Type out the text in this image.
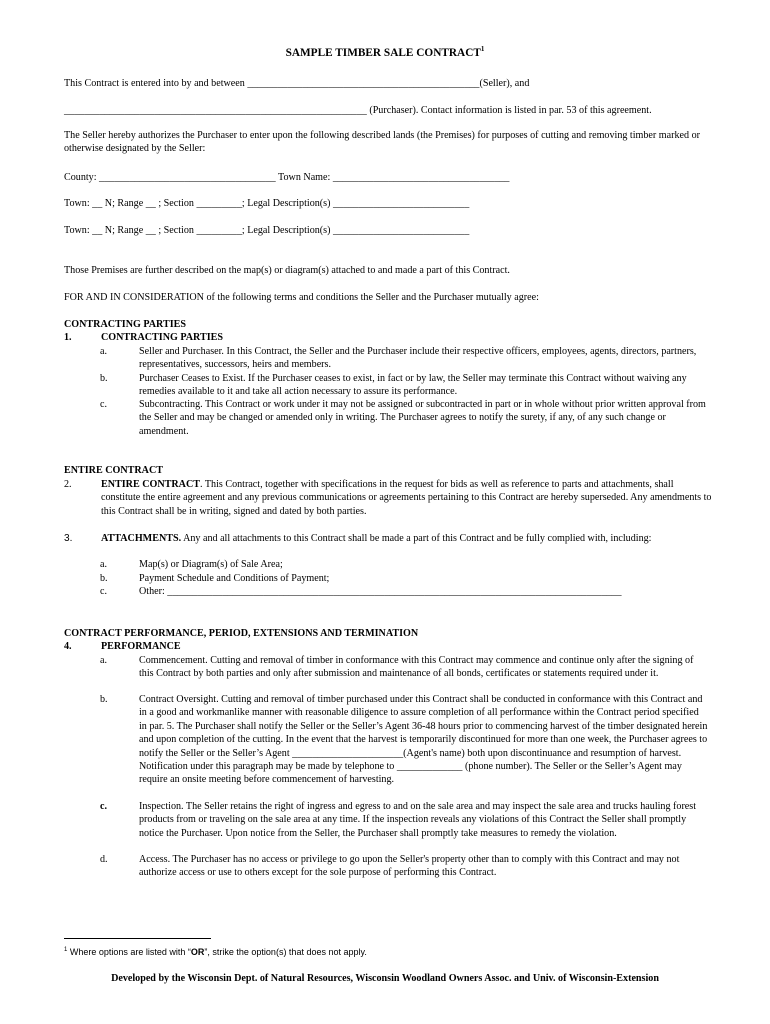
SAMPLE TIMBER SALE CONTRACT$^1$
This Contract is entered into by and between ______________________________________________(Seller), and
____________________________________________________________ (Purchaser). Contact information is listed in par. 53 of this agreement.
The Seller hereby authorizes the Purchaser to enter upon the following described lands (the Premises) for purposes of cutting and removing timber marked or otherwise designated by the Seller:
County: ___________________________________ Town Name: ___________________________________
Town: __ N; Range __ ; Section _________; Legal Description(s) ___________________________
Town: __ N; Range __ ; Section _________; Legal Description(s) ___________________________
Those Premises are further described on the map(s) or diagram(s) attached to and made a part of this Contract.
FOR AND IN CONSIDERATION of the following terms and conditions the Seller and the Purchaser mutually agree:
CONTRACTING PARTIES
1.	CONTRACTING PARTIES
a.	Seller and Purchaser. In this Contract, the Seller and the Purchaser include their respective officers, employees, agents, directors, partners, representatives, successors, heirs and members.
b.	Purchaser Ceases to Exist. If the Purchaser ceases to exist, in fact or by law, the Seller may terminate this Contract without waiving any remedies available to it and take all action necessary to assure its performance.
c.	Subcontracting. This Contract or work under it may not be assigned or subcontracted in part or in whole without prior written approval from the Seller and may be changed or amended only in writing. The Purchaser agrees to notify the surety, if any, of any such change or amendment.
ENTIRE CONTRACT
2.	ENTIRE CONTRACT. This Contract, together with specifications in the request for bids as well as reference to parts and attachments, shall constitute the entire agreement and any previous communications or agreements pertaining to this Contract are hereby superseded. Any amendments to this Contract shall be in writing, signed and dated by both parties.
3.	ATTACHMENTS. Any and all attachments to this Contract shall be made a part of this Contract and be fully complied with, including:
a.	Map(s) or Diagram(s) of Sale Area;
b.	Payment Schedule and Conditions of Payment;
c.	Other: __________________________________________________________________________________________
CONTRACT PERFORMANCE, PERIOD, EXTENSIONS AND TERMINATION
4.	PERFORMANCE
a.	Commencement. Cutting and removal of timber in conformance with this Contract may commence and continue only after the signing of this Contract by both parties and only after submission and maintenance of all bonds, certificates or statements required under it.
b.	Contract Oversight. Cutting and removal of timber purchased under this Contract shall be conducted in conformance with this Contract and in a good and workmanlike manner with reasonable diligence to assure completion of all performance within the Contract period specified in par. 5. The Purchaser shall notify the Seller or the Seller’s Agent 36-48 hours prior to commencing harvest of the timber designated herein and upon completion of the cutting. In the event that the harvest is temporarily discontinued for more than one week, the Purchaser agrees to notify the Seller or the Seller’s Agent ______________________(Agent's name) both upon discontinuance and resumption of harvest. Notification under this paragraph may be made by telephone to _____________ (phone number). The Seller or the Seller’s Agent may require an onsite meeting before commencement of harvesting.
c.	Inspection. The Seller retains the right of ingress and egress to and on the sale area and may inspect the sale area and trucks hauling forest products from or traveling on the sale area at any time. If the inspection reveals any violations of this Contract the Seller shall promptly notice the Purchaser. Upon notice from the Seller, the Purchaser shall promptly take measures to remedy the violation.
d.	Access. The Purchaser has no access or privilege to go upon the Seller's property other than to comply with this Contract and may not authorize access or use to others except for the sole purpose of performing this Contract.
$^1$ Where options are listed with “OR”, strike the option(s) that does not apply.
Developed by the Wisconsin Dept. of Natural Resources, Wisconsin Woodland Owners Assoc. and Univ. of Wisconsin-Extension
